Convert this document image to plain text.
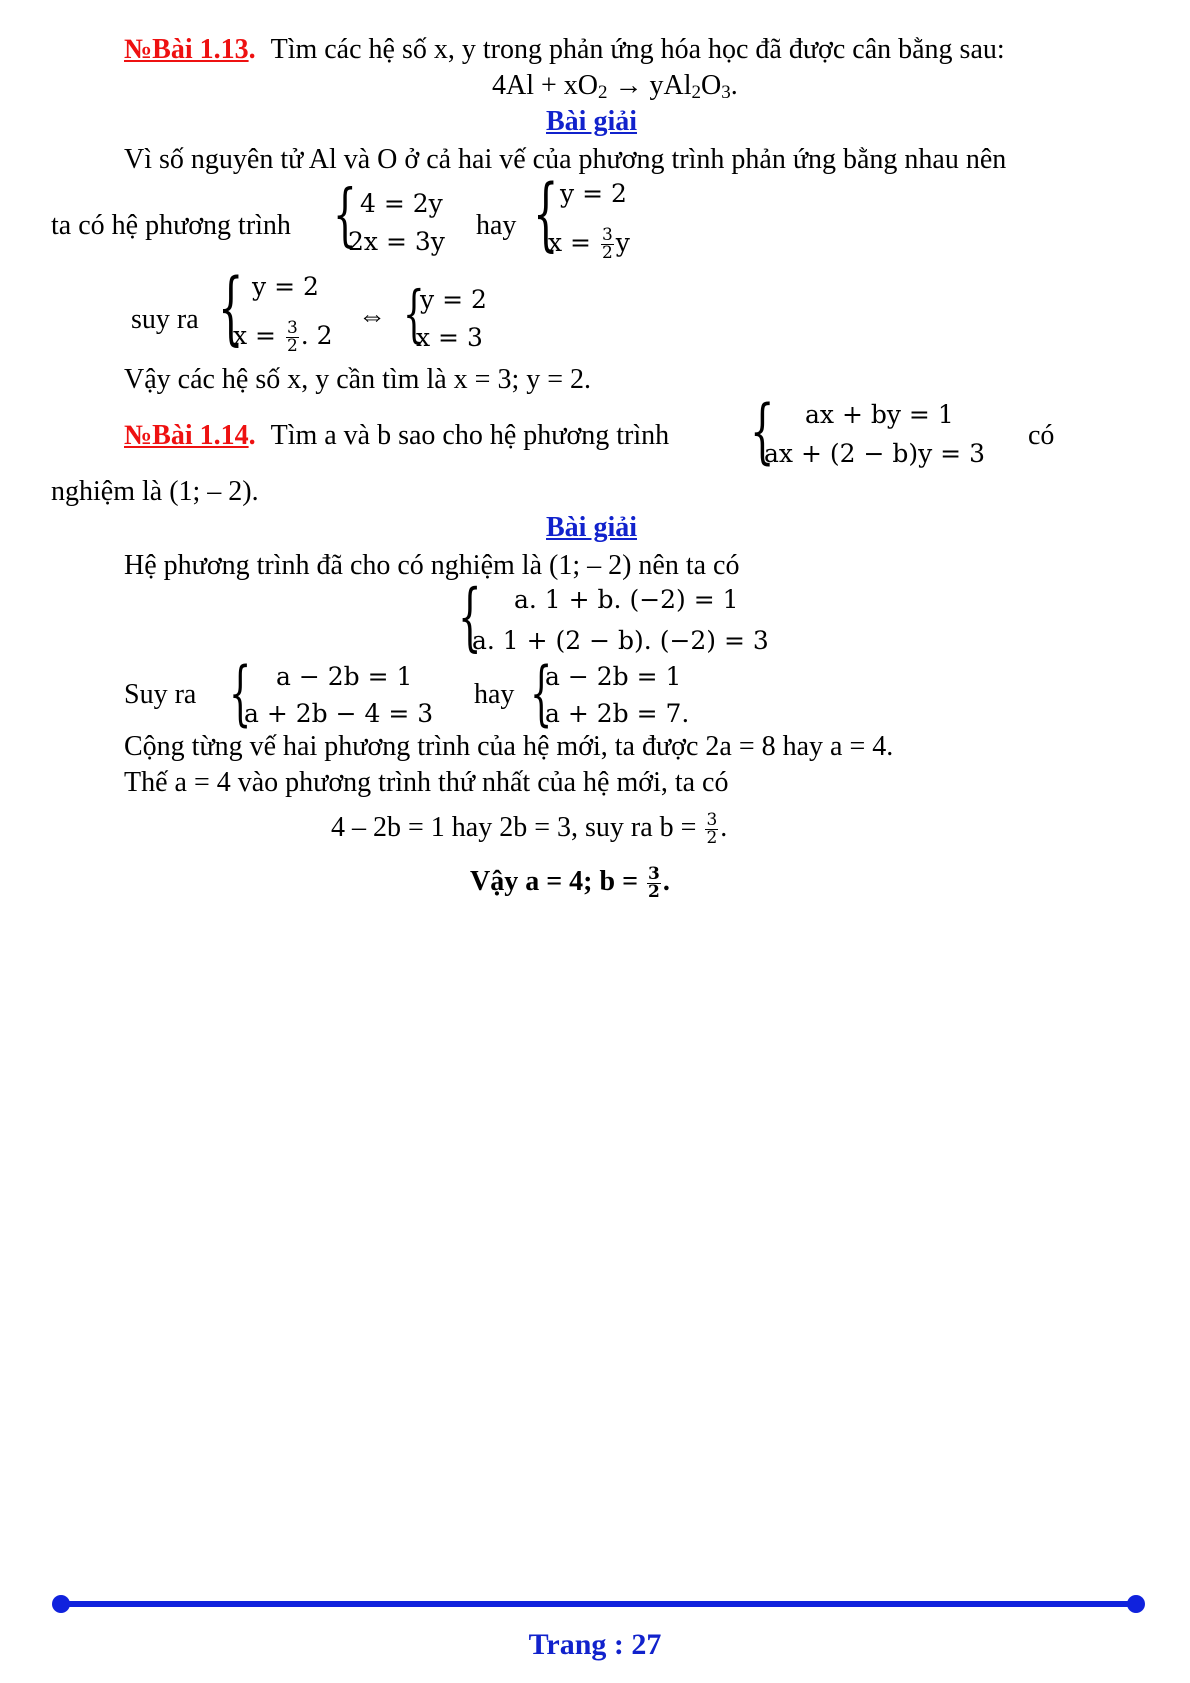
№Bài 1.13. Tìm các hệ số x, y trong phản ứng hóa học đã được cân bằng sau:
$4Al + xO_2 \to yAl_2O_3$.
Bài giải
Vì số nguyên tử Al và O ở cả hai vế của phương trình phản ứng bằng nhau nên
ta có hệ phương trình { 4 = 2y
2x = 3y
hay { y = 2
$x = \frac{3}{2}$ y
suy ra { y = 2
$x = \frac{3}{2}$ . 2
⇔ {
y = 2
x = 3
Vậy các hệ số x, y cần tìm là x = 3; y = 2.
№Bài 1.14. Tìm a và b sao cho hệ phương trình { ax + by = 1
ax + (2 − b)y = 3
có
nghiệm là (1; – 2).
Bài giải
Hệ phương trình đã cho có nghiệm là (1; – 2) nên ta có
{ a. 1 + b. (−2) = 1
a. 1 + (2 − b). (−2) = 3
Suy ra { a − 2b = 1
a + 2b − 4 = 3
hay {
a − 2b = 1
a + 2b = 7.
Cộng từng vế hai phương trình của hệ mới, ta được 2a = 8 hay a = 4.
Thế a = 4 vào phương trình thứ nhất của hệ mới, ta có
4 – 2b = 1 hay 2b = 3, suy ra $b = \frac{3}{2}$ .
Vậy a = 4; $b = \frac{3}{2}$ .
Trang : 27
